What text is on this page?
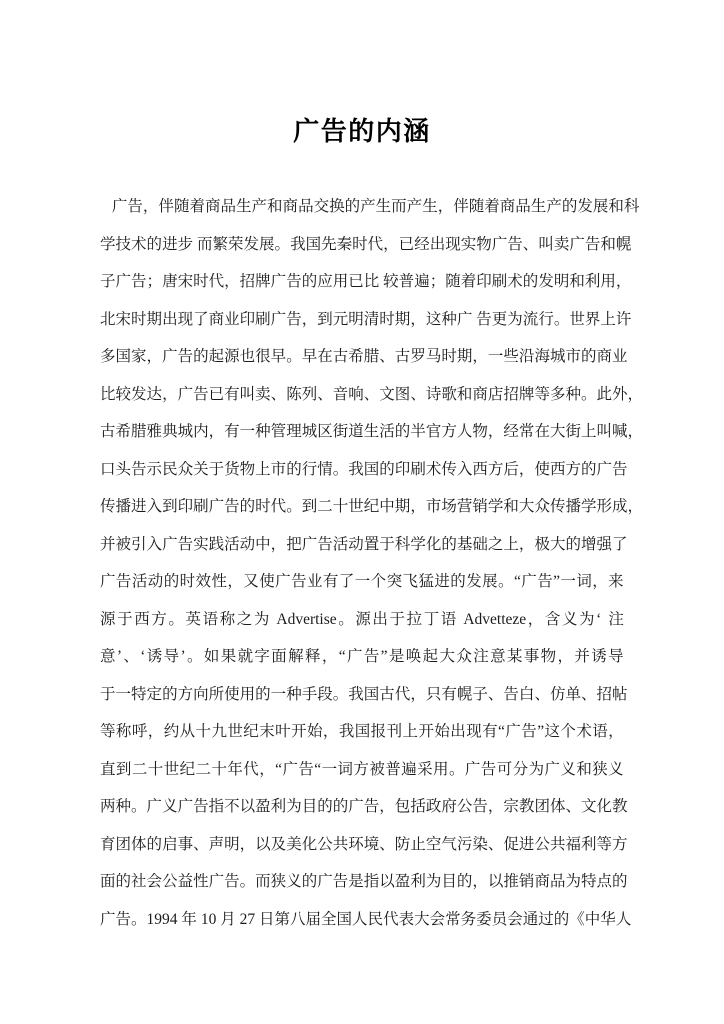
广告的内涵

广 告 ， 伴 随 着 商 品 生 产 和 商 品 交 换 的 产 生 而 产 生 ， 伴 随 着 商 品 生 产 的 发 展 和 科
学 技 术 的 进 步
而 繁 荣 发 展 。 我 国 先 秦 时 代 ， 已 经 出 现 实 物 广 告 、 叫 卖 广 告 和 幌
子 广 告 ； 唐 宋 时 代 ， 招 牌 广 告 的 应 用 已 比
较 普 遍 ； 随 着 印 刷 术 的 发 明 和 利 用 ，
北 宋 时 期 出 现 了 商 业 印 刷 广 告 ， 到 元 明 清 时 期 ， 这 种 广
告 更 为 流 行 。 世 界 上 许
多 国 家 ， 广 告 的 起 源 也 很 早 。 早 在 古 希 腊 、 古 罗 马 时 期 ， 一 些 沿 海 城 市 的 商 业
比 较 发 达 ， 广 告 已 有 叫 卖 、 陈 列 、 音 响 、 文 图 、 诗 歌 和 商 店 招 牌 等 多 种 。 此 外 ，
古 希 腊 雅 典 城 内 ， 有 一 种 管 理 城 区 街 道 生 活 的 半 官 方 人 物 ， 经 常 在 大 街 上 叫 喊 ，
口 头 告 示 民 众 关 于 货 物 上 市 的 行 情 。 我 国 的 印 刷 术 传 入 西 方 后 ， 使 西 方 的 广 告
传 播 进 入 到 印 刷 广 告 的 时 代 。 到 二 十 世 纪 中 期 ， 市 场 营 销 学 和 大 众 传 播 学 形 成 ，
并 被 引 入 广 告 实 践 活 动 中 ， 把 广 告 活 动 置 于 科 学 化 的 基 础 之 上 ， 极 大 的 增 强 了
广 告 活 动 的 时 效 性 ， 又 使 广 告 业 有 了 一 个 突 飞 猛 进 的 发 展 。 “ 广 告 ” 一 词 ， 来
源 于 西 方 。 英 语 称 之 为
Advertise 。 源 出 于 拉 丁 语
Advetteze ， 含 义 为 ‘
注
意 ’ 、 ‘ 诱 导 ’ 。 如 果 就 字 面 解 释 ， “ 广 告 ” 是 唤 起 大 众 注 意 某 事 物 ， 并 诱 导
于 一 特 定 的 方 向 所 使 用 的 一 种 手 段 。 我 国 古 代 ， 只 有 幌 子 、 告 白 、 仿 单 、 招 帖
等 称 呼 ， 约 从 十 九 世 纪 末 叶 开 始 ， 我 国 报 刊 上 开 始 出 现 有 “ 广 告 ” 这 个 术 语 ，
直 到 二 十 世 纪 二 十 年 代 ， “ 广 告 “ 一 词 方 被 普 遍 采 用 。 广 告 可 分 为 广 义 和 狭 义
两 种 。 广 义 广 告 指 不 以 盈 利 为 目 的 的 广 告 ， 包 括 政 府 公 告 ， 宗 教 团 体 、 文 化 教
育 团 体 的 启 事 、 声 明 ， 以 及 美 化 公 共 环 境 、 防 止 空 气 污 染 、 促 进 公 共 福 利 等 方
面 的 社 会 公 益 性 广 告 。 而 狭 义 的 广 告 是 指 以 盈 利 为 目 的 ， 以 推 销 商 品 为 特 点 的
广 告 。 1994
年
10
月
27
日 第 八 届 全 国 人 民 代 表 大 会 常 务 委 员 会 通 过 的 《 中 华 人
